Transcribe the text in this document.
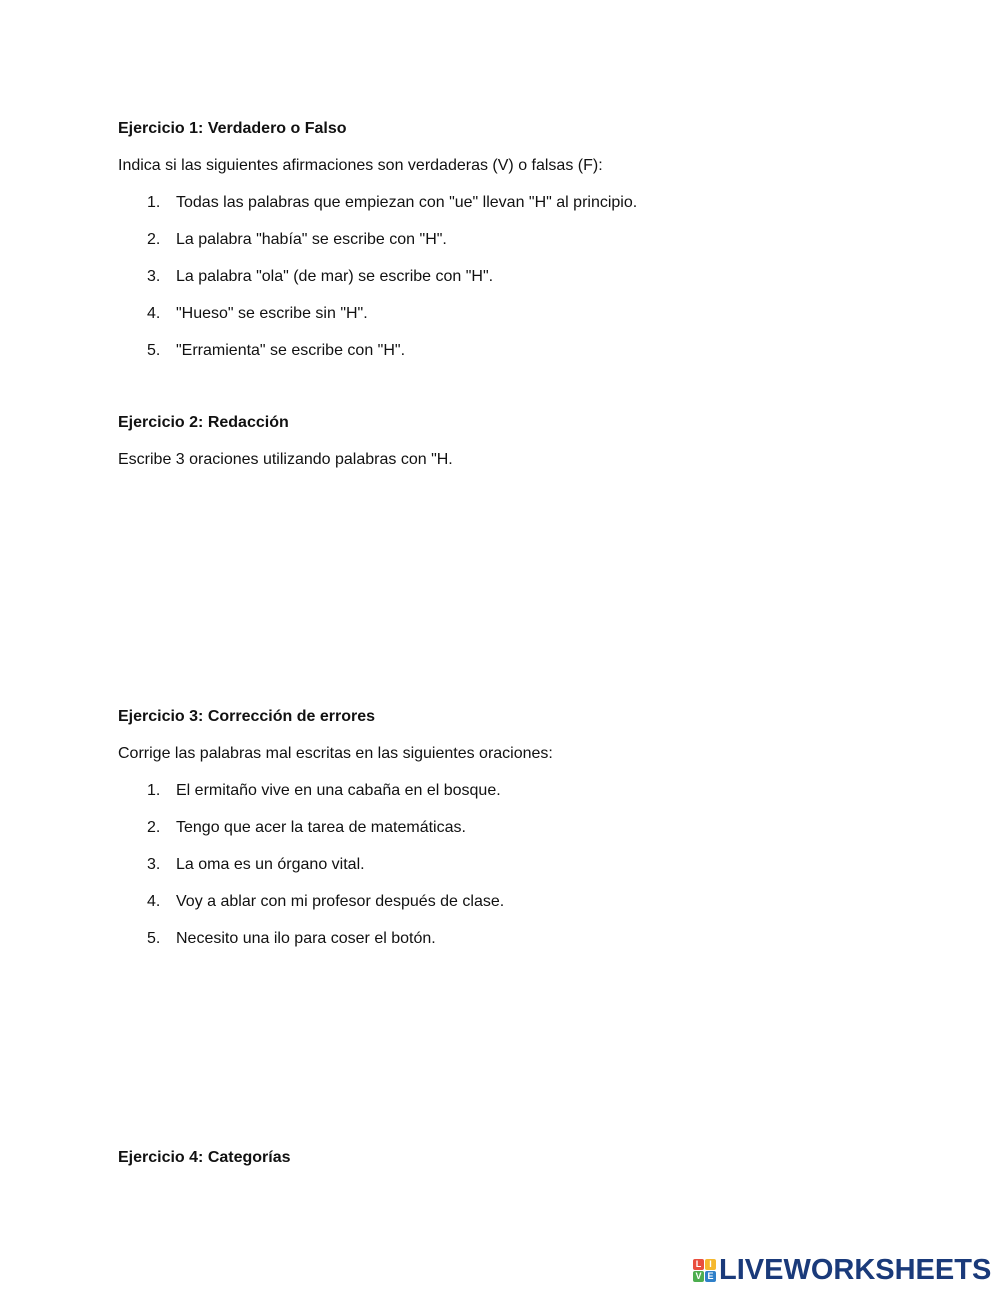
Ejercicio 1: Verdadero o Falso

Indica si las siguientes afirmaciones son verdaderas (V) o falsas (F):

1. Todas las palabras que empiezan con "ue" llevan "H" al principio.
2. La palabra "había" se escribe con "H".
3. La palabra "ola" (de mar) se escribe con "H".
4. "Hueso" se escribe sin "H".
5. "Erramienta" se escribe con "H".

Ejercicio 2: Redacción

Escribe 3 oraciones utilizando palabras con "H.

Ejercicio 3: Corrección de errores

Corrige las palabras mal escritas en las siguientes oraciones:

1. El ermitaño vive en una cabaña en el bosque.
2. Tengo que acer la tarea de matemáticas.
3. La oma es un órgano vital.
4. Voy a ablar con mi profesor después de clase.
5. Necesito una ilo para coser el botón.

Ejercicio 4: Categorías

L I
V E LIVEWORKSHEETS
